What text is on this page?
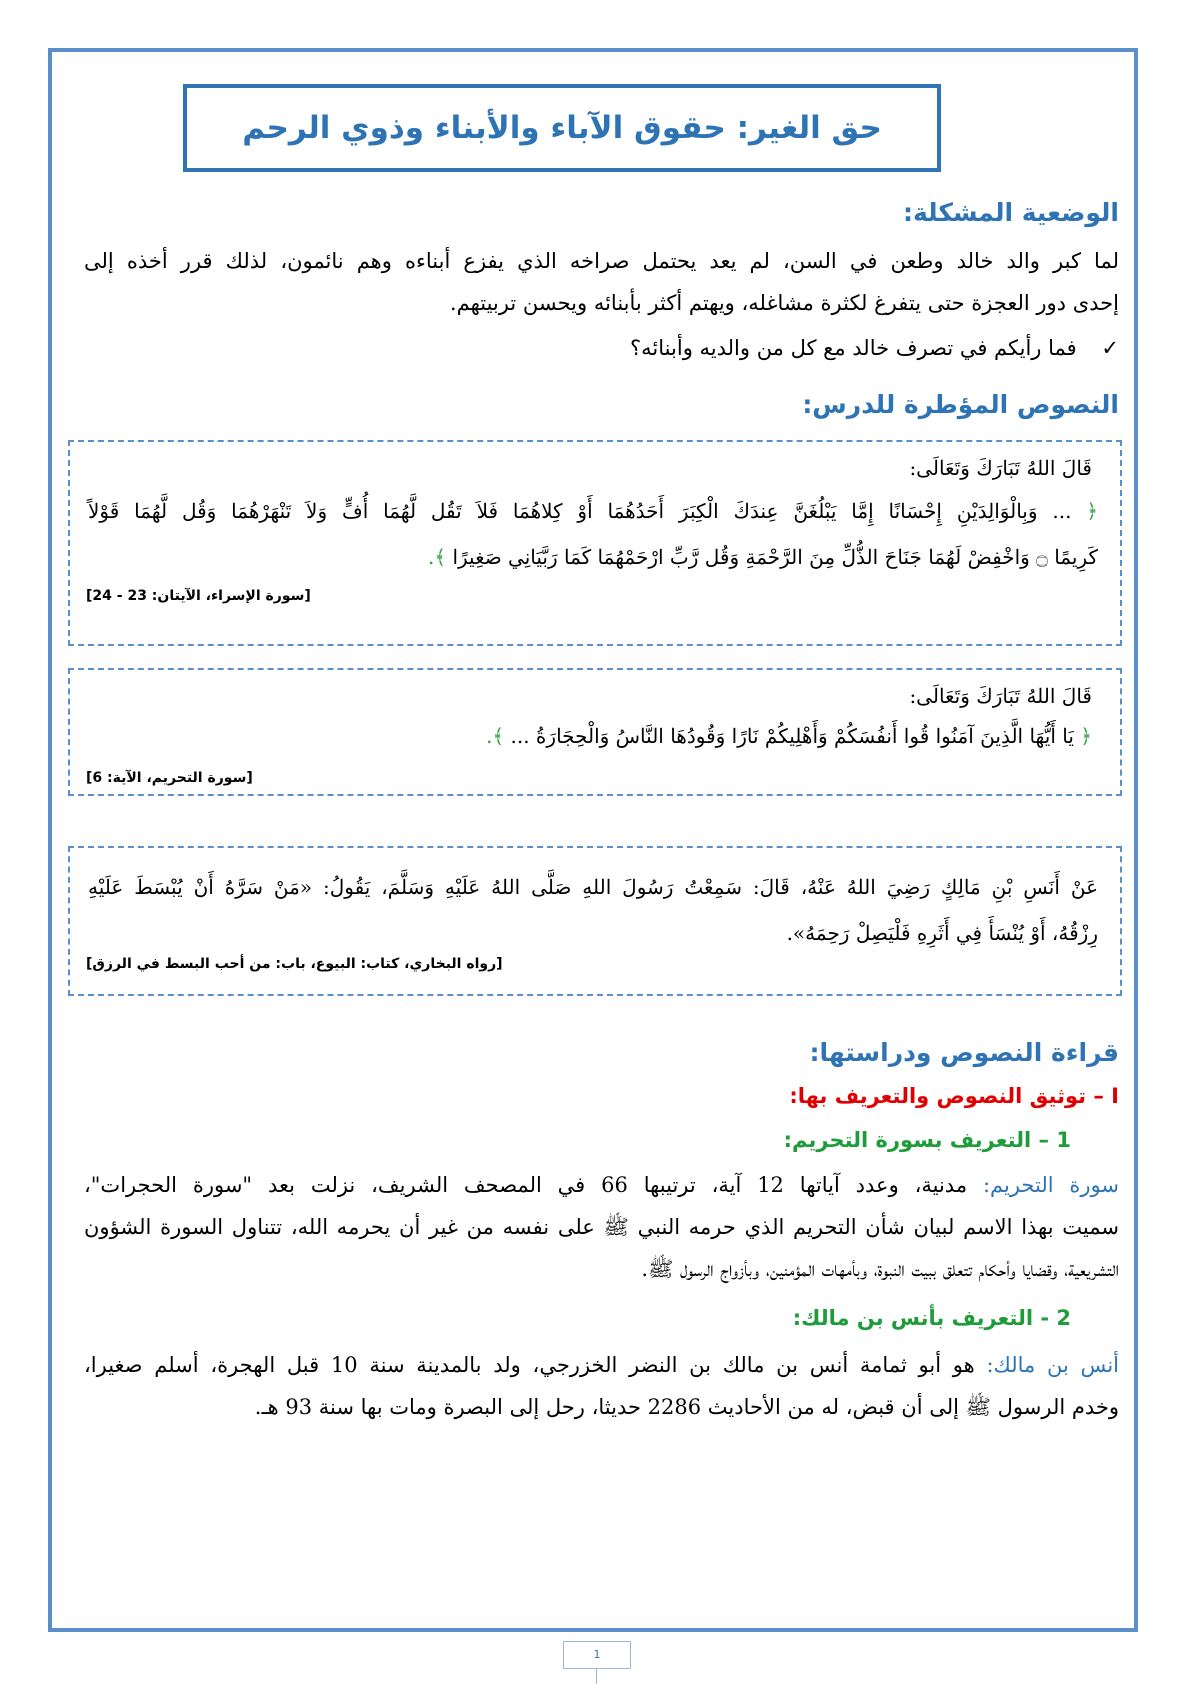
حق الغير: حقوق الآباء والأبناء وذوي الرحم
الوضعية المشكلة:
لما كبر والد خالد وطعن في السن، لم يعد يحتمل صراخه الذي يفزع أبناءه وهم نائمون، لذلك قرر أخذه إلى
إحدى دور العجزة حتى يتفرغ لكثرة مشاغله، ويهتم أكثر بأبنائه ويحسن تربيتهم.
✓ فما رأيكم في تصرف خالد مع كل من والديه وأبنائه؟
النصوص المؤطرة للدرس:
قَالَ اللهُ تَبَارَكَ وَتَعَالَى:
﴿ ... وَبِالْوَالِدَيْنِ إِحْسَانًا إِمَّا يَبْلُغَنَّ عِندَكَ الْكِبَرَ أَحَدُهُمَا أَوْ كِلاهُمَا فَلاَ تَقُل لَّهُمَا أُفٍّ وَلاَ تَنْهَرْهُمَا وَقُل لَّهُمَا قَوْلاً
كَرِيمًا ۝ وَاخْفِضْ لَهُمَا جَنَاحَ الذُّلِّ مِنَ الرَّحْمَةِ وَقُل رَّبِّ ارْحَمْهُمَا كَمَا رَبَّيَانِي صَغِيرًا ﴾.
[سورة الإسراء، الآيتان: 23 - 24]
قَالَ اللهُ تَبَارَكَ وَتَعَالَى:
﴿ يَا أَيُّهَا الَّذِينَ آمَنُوا قُوا أَنفُسَكُمْ وَأَهْلِيكُمْ نَارًا وَقُودُهَا النَّاسُ وَالْحِجَارَةُ ... ﴾.
[سورة التحريم، الآية: 6]
عَنْ أَنَسِ بْنِ مَالِكٍ رَضِيَ اللهُ عَنْهُ، قَالَ: سَمِعْتُ رَسُولَ اللهِ صَلَّى اللهُ عَلَيْهِ وَسَلَّمَ، يَقُولُ: «مَنْ سَرَّهُ أَنْ يُبْسَطَ عَلَيْهِ
رِزْقُهُ، أَوْ يُنْسَأَ فِي أَثَرِهِ فَلْيَصِلْ رَحِمَهُ».
[رواه البخاري، كتاب: البيوع، باب: من أحب البسط في الرزق]
قراءة النصوص ودراستها:
I – توثيق النصوص والتعريف بها:
1 – التعريف بسورة التحريم:
سورة التحريم: مدنية، وعدد آياتها 12 آية، ترتيبها 66 في المصحف الشريف، نزلت بعد "سورة الحجرات"،
سميت بهذا الاسم لبيان شأن التحريم الذي حرمه النبي ﷺ على نفسه من غير أن يحرمه الله، تتناول السورة الشؤون
التشريعية، وقضايا وأحكام تتعلق ببيت النبوة، وبأمهات المؤمنين، وبأزواج الرسول ﷺ.
2 - التعريف بأنس بن مالك:
أنس بن مالك: هو أبو ثمامة أنس بن مالك بن النضر الخزرجي، ولد بالمدينة سنة 10 قبل الهجرة، أسلم صغيرا،
وخدم الرسول ﷺ إلى أن قبض، له من الأحاديث 2286 حديثا، رحل إلى البصرة ومات بها سنة 93 هـ.
1
